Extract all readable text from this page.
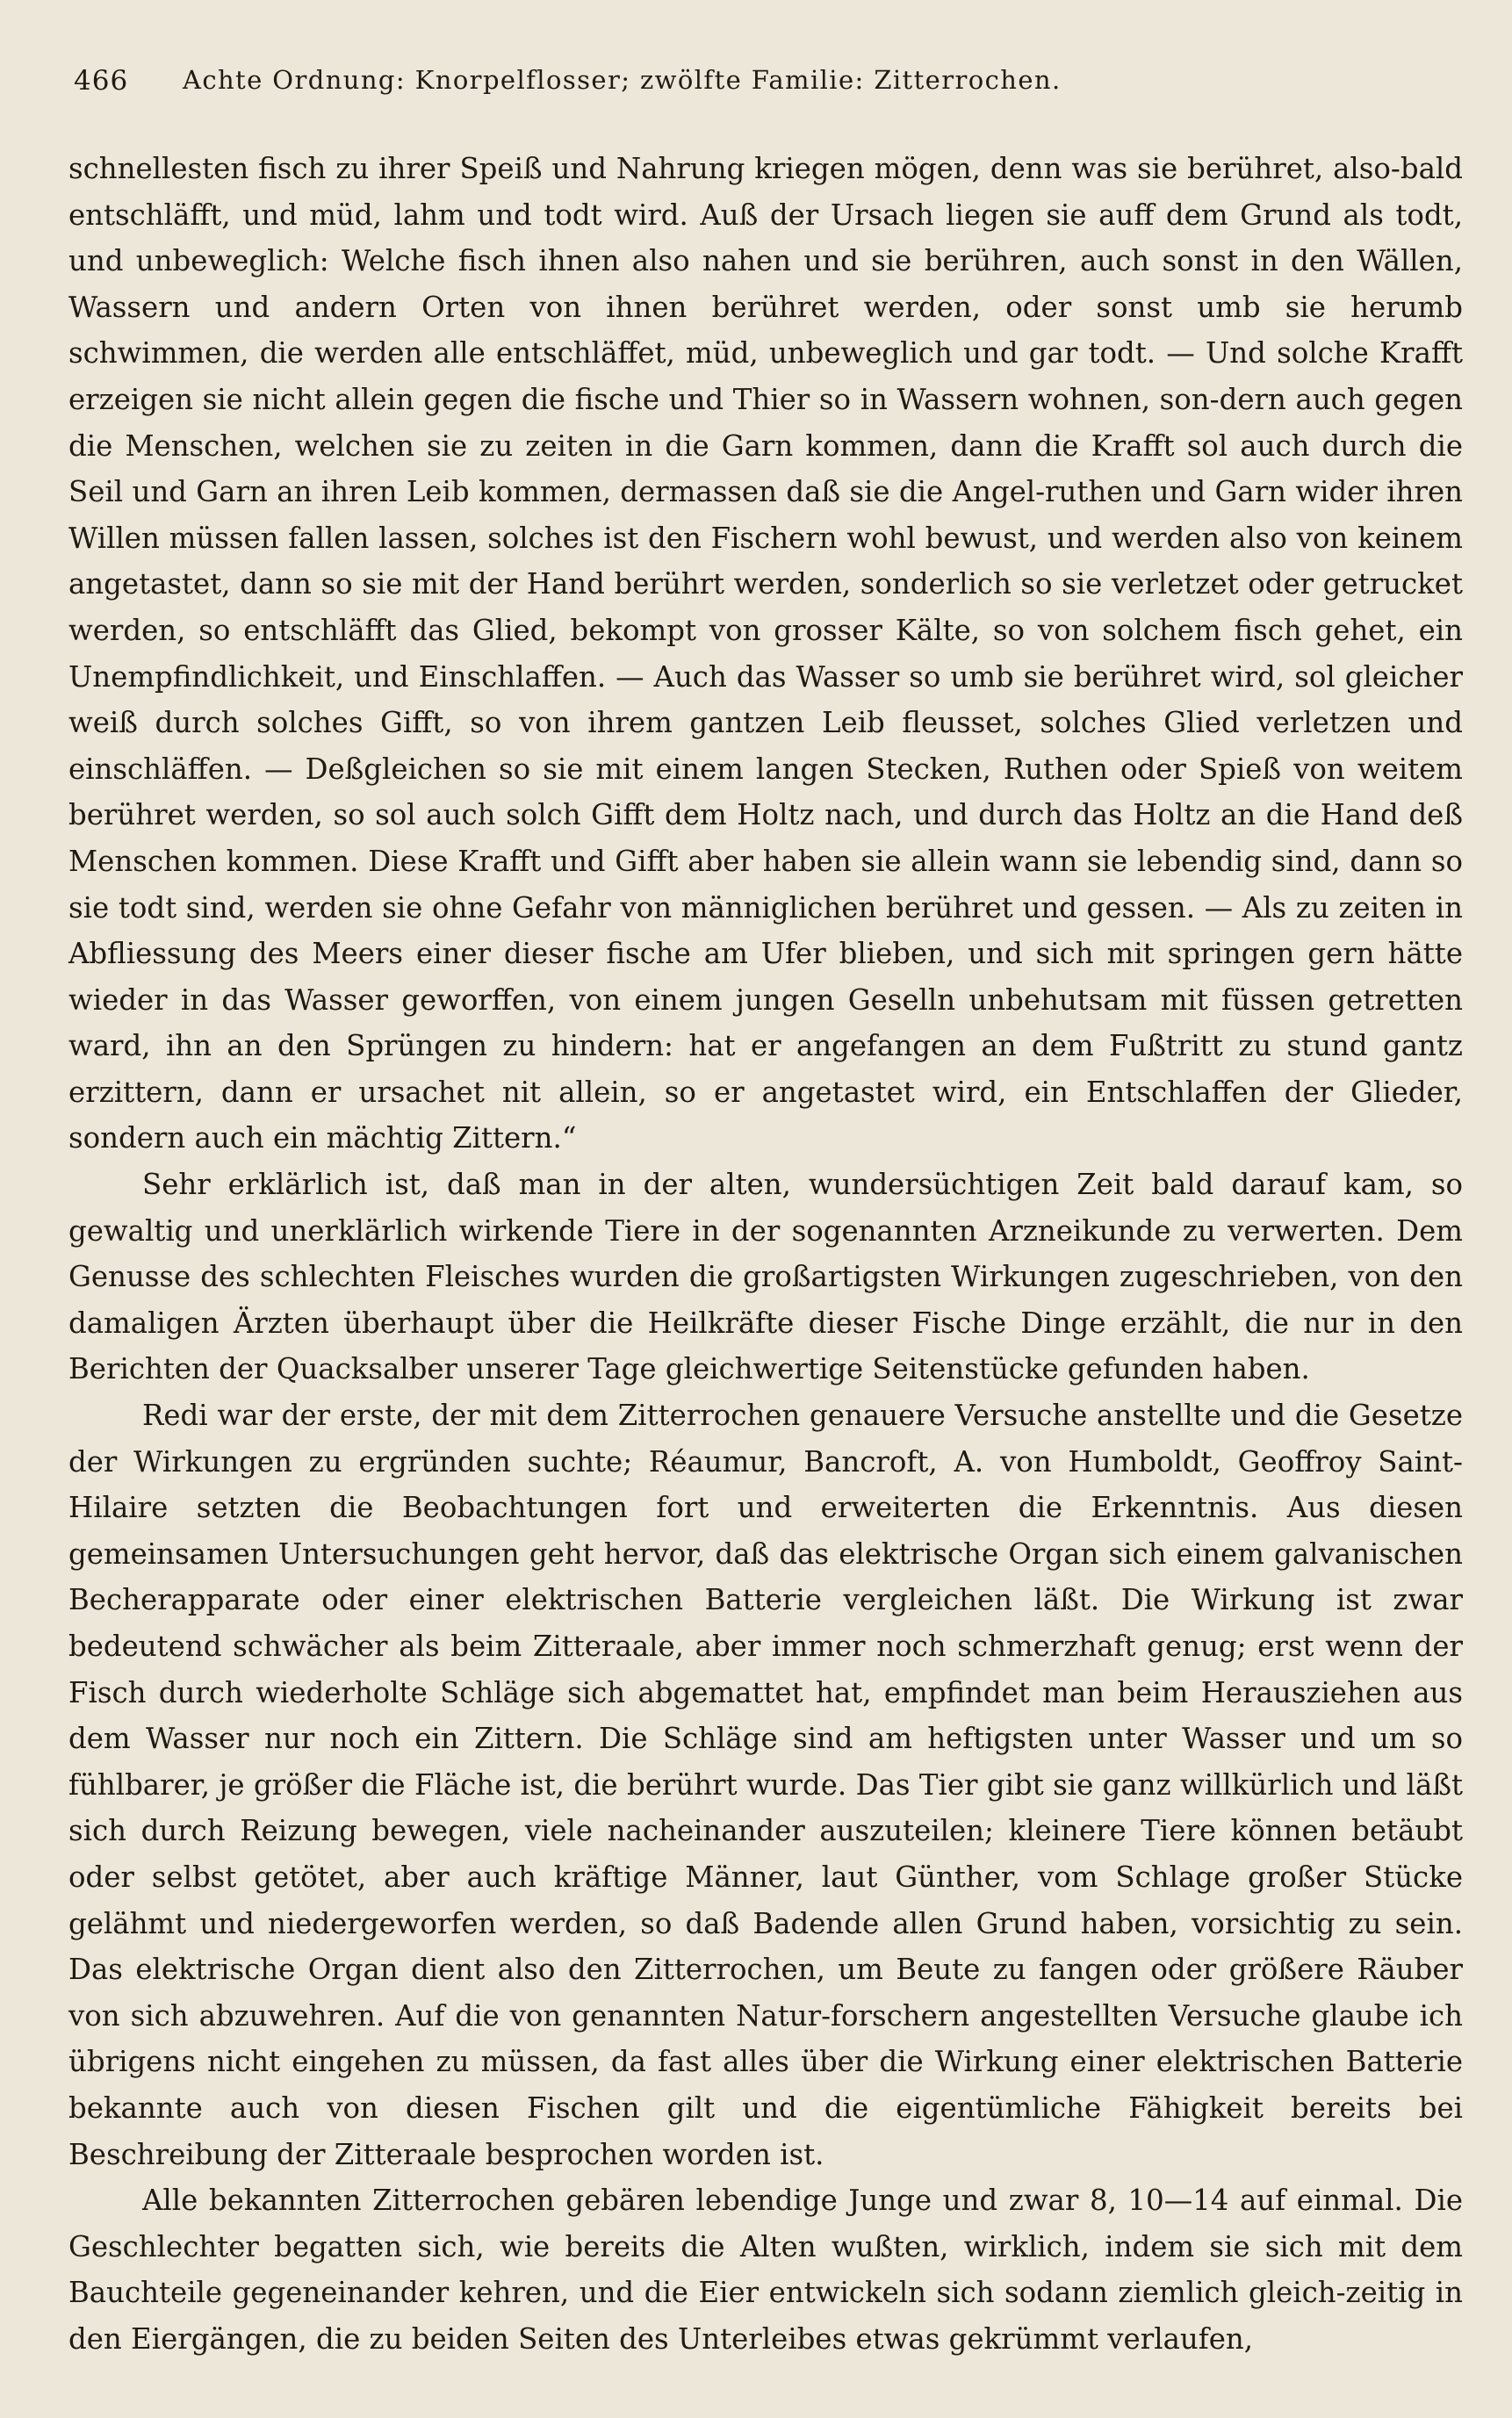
466 Achte Ordnung: Knorpelflosser; zwölfte Familie: Zitterrochen.

schnellesten fisch zu ihrer Speiß und Nahrung kriegen mögen, denn was sie berühret, also-bald entschläfft, und müd, lahm und todt wird. Auß der Ursach liegen sie auff dem Grund als todt, und unbeweglich: Welche fisch ihnen also nahen und sie berühren, auch sonst in den Wällen, Wassern und andern Orten von ihnen berühret werden, oder sonst umb sie herumb schwimmen, die werden alle entschläffet, müd, unbeweglich und gar todt. — Und solche Krafft erzeigen sie nicht allein gegen die fische und Thier so in Wassern wohnen, son-dern auch gegen die Menschen, welchen sie zu zeiten in die Garn kommen, dann die Krafft sol auch durch die Seil und Garn an ihren Leib kommen, dermassen daß sie die Angel-ruthen und Garn wider ihren Willen müssen fallen lassen, solches ist den Fischern wohl bewust, und werden also von keinem angetastet, dann so sie mit der Hand berührt werden, sonderlich so sie verletzet oder getrucket werden, so entschläfft das Glied, bekompt von grosser Kälte, so von solchem fisch gehet, ein Unempfindlichkeit, und Einschlaffen. — Auch das Wasser so umb sie berühret wird, sol gleicher weiß durch solches Gifft, so von ihrem gantzen Leib fleusset, solches Glied verletzen und einschläffen. — Deßgleichen so sie mit einem langen Stecken, Ruthen oder Spieß von weitem berühret werden, so sol auch solch Gifft dem Holtz nach, und durch das Holtz an die Hand deß Menschen kommen. Diese Krafft und Gifft aber haben sie allein wann sie lebendig sind, dann so sie todt sind, werden sie ohne Gefahr von männiglichen berühret und gessen. — Als zu zeiten in Abfliessung des Meers einer dieser fische am Ufer blieben, und sich mit springen gern hätte wieder in das Wasser geworffen, von einem jungen Geselln unbehutsam mit füssen getretten ward, ihn an den Sprüngen zu hindern: hat er angefangen an dem Fußtritt zu stund gantz erzittern, dann er ursachet nit allein, so er angetastet wird, ein Entschlaffen der Glieder, sondern auch ein mächtig Zittern.“

Sehr erklärlich ist, daß man in der alten, wundersüchtigen Zeit bald darauf kam, so gewaltig und unerklärlich wirkende Tiere in der sogenannten Arzneikunde zu verwerten. Dem Genusse des schlechten Fleisches wurden die großartigsten Wirkungen zugeschrieben, von den damaligen Ärzten überhaupt über die Heilkräfte dieser Fische Dinge erzählt, die nur in den Berichten der Quacksalber unserer Tage gleichwertige Seitenstücke gefunden haben.

Redi war der erste, der mit dem Zitterrochen genauere Versuche anstellte und die Gesetze der Wirkungen zu ergründen suchte; Réaumur, Bancroft, A. von Humboldt, Geoffroy Saint-Hilaire setzten die Beobachtungen fort und erweiterten die Erkenntnis. Aus diesen gemeinsamen Untersuchungen geht hervor, daß das elektrische Organ sich einem galvanischen Becherapparate oder einer elektrischen Batterie vergleichen läßt. Die Wirkung ist zwar bedeutend schwächer als beim Zitteraale, aber immer noch schmerzhaft genug; erst wenn der Fisch durch wiederholte Schläge sich abgemattet hat, empfindet man beim Herausziehen aus dem Wasser nur noch ein Zittern. Die Schläge sind am heftigsten unter Wasser und um so fühlbarer, je größer die Fläche ist, die berührt wurde. Das Tier gibt sie ganz willkürlich und läßt sich durch Reizung bewegen, viele nacheinander auszuteilen; kleinere Tiere können betäubt oder selbst getötet, aber auch kräftige Männer, laut Günther, vom Schlage großer Stücke gelähmt und niedergeworfen werden, so daß Badende allen Grund haben, vorsichtig zu sein. Das elektrische Organ dient also den Zitterrochen, um Beute zu fangen oder größere Räuber von sich abzuwehren. Auf die von genannten Natur-forschern angestellten Versuche glaube ich übrigens nicht eingehen zu müssen, da fast alles über die Wirkung einer elektrischen Batterie bekannte auch von diesen Fischen gilt und die eigentümliche Fähigkeit bereits bei Beschreibung der Zitteraale besprochen worden ist.

Alle bekannten Zitterrochen gebären lebendige Junge und zwar 8, 10—14 auf einmal. Die Geschlechter begatten sich, wie bereits die Alten wußten, wirklich, indem sie sich mit dem Bauchteile gegeneinander kehren, und die Eier entwickeln sich sodann ziemlich gleich-zeitig in den Eiergängen, die zu beiden Seiten des Unterleibes etwas gekrümmt verlaufen,
